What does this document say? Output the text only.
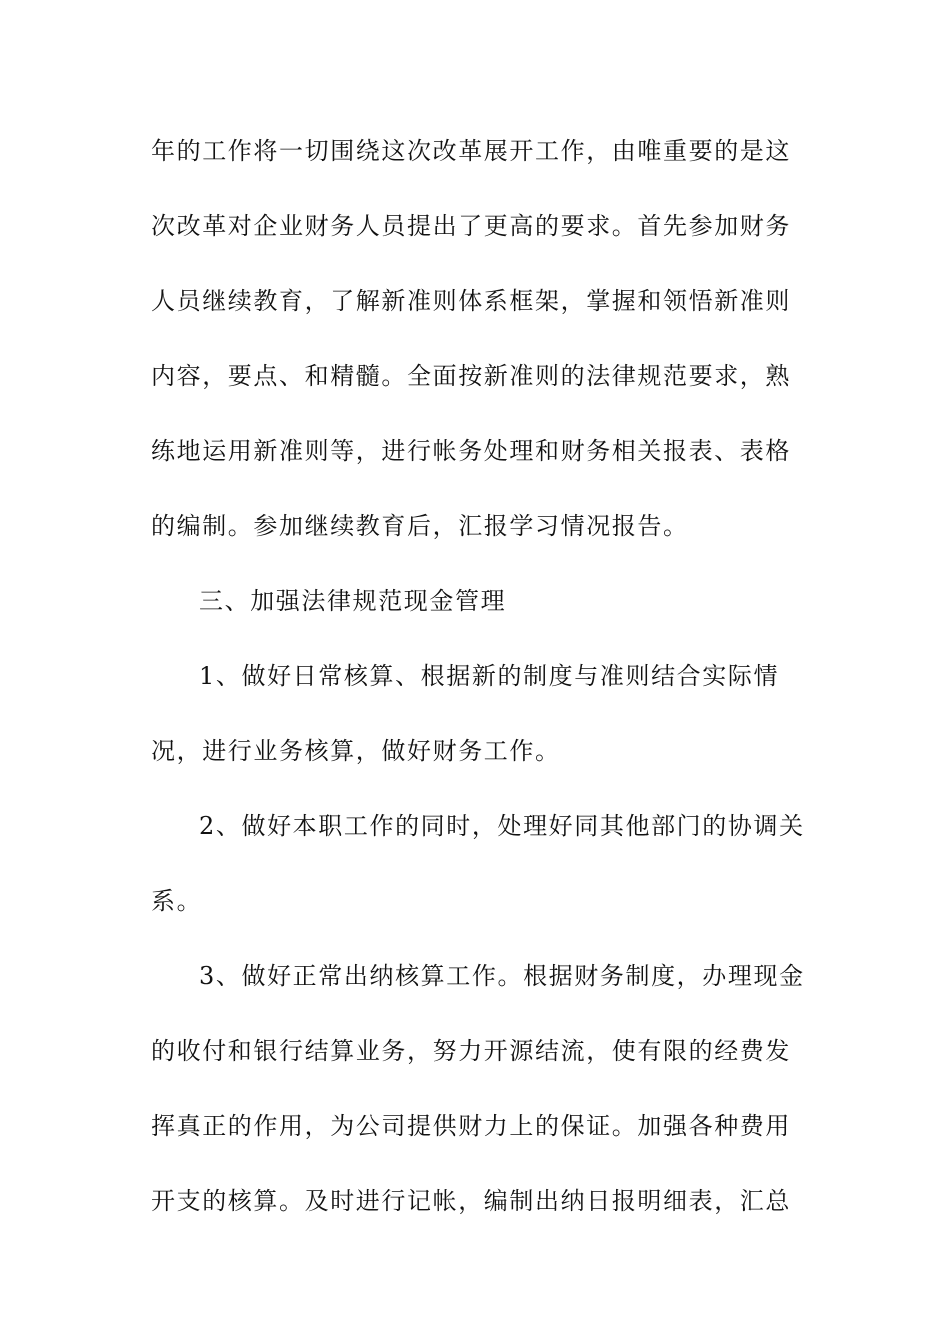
年的工作将一切围绕这次改革展开工作，由唯重要的是这
次改革对企业财务人员提出了更高的要求。首先参加财务
人员继续教育，了解新准则体系框架，掌握和领悟新准则
内容，要点、和精髓。全面按新准则的法律规范要求，熟
练地运用新准则等，进行帐务处理和财务相关报表、表格
的编制。参加继续教育后，汇报学习情况报告。
三、加强法律规范现金管理
1、做好日常核算、根据新的制度与准则结合实际情
况，进行业务核算，做好财务工作。
2、做好本职工作的同时，处理好同其他部门的协调关
系。
3、做好正常出纳核算工作。根据财务制度，办理现金
的收付和银行结算业务，努力开源结流，使有限的经费发
挥真正的作用，为公司提供财力上的保证。加强各种费用
开支的核算。及时进行记帐，编制出纳日报明细表，汇总
